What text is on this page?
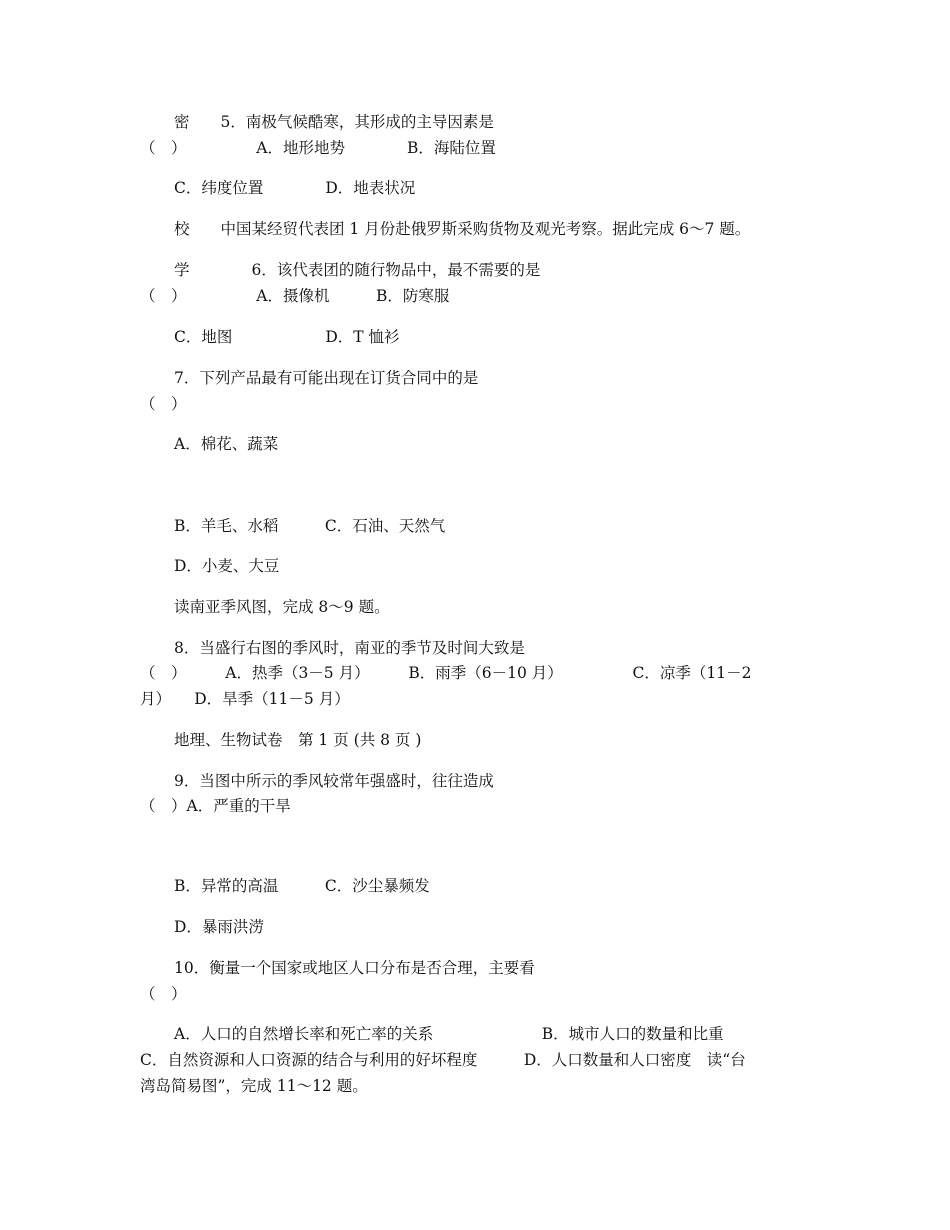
密　　5．南极气候酷寒，其形成的主导因素是
（　）　　　　　A．地形地势　　　　B．海陆位置
C．纬度位置　　　　D．地表状况
校　　中国某经贸代表团 1 月份赴俄罗斯采购货物及观光考察。据此完成 6～7 题。
学　　　　6．该代表团的随行物品中，最不需要的是
（　）　　　　　A．摄像机　　　B．防寒服
C．地图　　　　　　D．T 恤衫
7．下列产品最有可能出现在订货合同中的是
（　）
A．棉花、蔬菜
B．羊毛、水稻　　　C．石油、天然气
D．小麦、大豆
读南亚季风图，完成 8～9 题。
8．当盛行右图的季风时，南亚的季节及时间大致是
（　）　　　A．热季（3－5 月）　　　B．雨季（6－10 月）　　　　　C．凉季（11－2
月）　　D．旱季（11－5 月）
地理、生物试卷　第 1 页 (共 8 页 )
9．当图中所示的季风较常年强盛时，往往造成
（　）A．严重的干旱
B．异常的高温　　　C．沙尘暴频发
D．暴雨洪涝
10．衡量一个国家或地区人口分布是否合理，主要看
（　）
A．人口的自然增长率和死亡率的关系　　　　　　　B．城市人口的数量和比重
C．自然资源和人口资源的结合与利用的好坏程度　　　D．人口数量和人口密度　读“台
湾岛简易图”，完成 11～12 题。
